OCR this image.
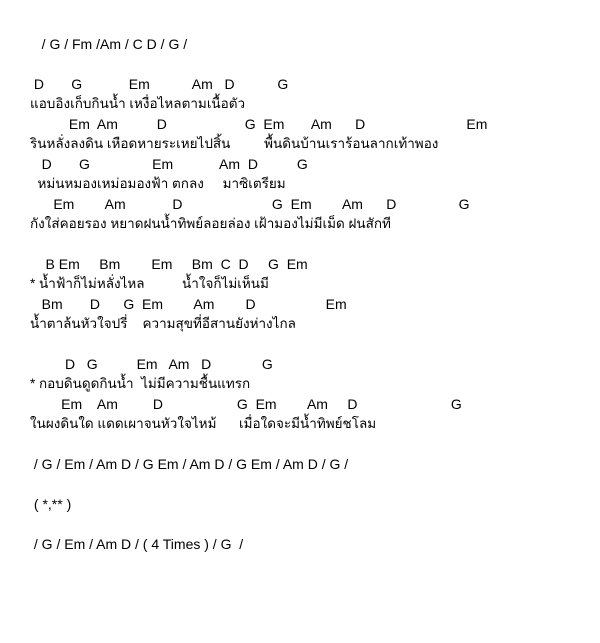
/ G / Fm /Am / C D / G /

D       G            Em           Am   D           G

แอบอิงเก็บกินน้ำ เหงื่อไหลตามเนื้อตัว

Em  Am          D                    G  Em       Am      D                          Em

รินหลั่งลงดิน เหือดหายระเหยไปสิ้น         พื้นดินบ้านเราร้อนลากเท้าพอง

D       G                Em            Am  D          G

หม่นหมองเหม่อมองฟ้า ตกลง     มาซิเตรียม

Em        Am            D                       G  Em        Am      D                G

กังใส่คอยรอง หยาดฝนน้ำทิพย์ลอยล่อง เฝ้ามองไม่มีเม็ด ฝนสักที

B Em     Bm        Em     Bm  C  D     G  Em

* น้ำฟ้าก็ไม่หลั่งไหล          น้ำใจก็ไม่เห็นมี

Bm       D      G  Em        Am        D                  Em

น้ำตาล้นหัวใจปรี่    ความสุขที่อีสานยังห่างไกล

D   G          Em   Am   D             G

* กอบดินดูดกินน้ำ  ไม่มีความชื้นแทรก

Em    Am         D                   G  Em        Am     D                        G

ในผงดินใด แดดเผาจนหัวใจไหม้      เมื่อใดจะมีน้ำทิพย์ชโลม

/ G / Em / Am D / G Em / Am D / G Em / Am D / G /

( *,** )

/ G / Em / Am D / ( 4 Times ) / G  /
